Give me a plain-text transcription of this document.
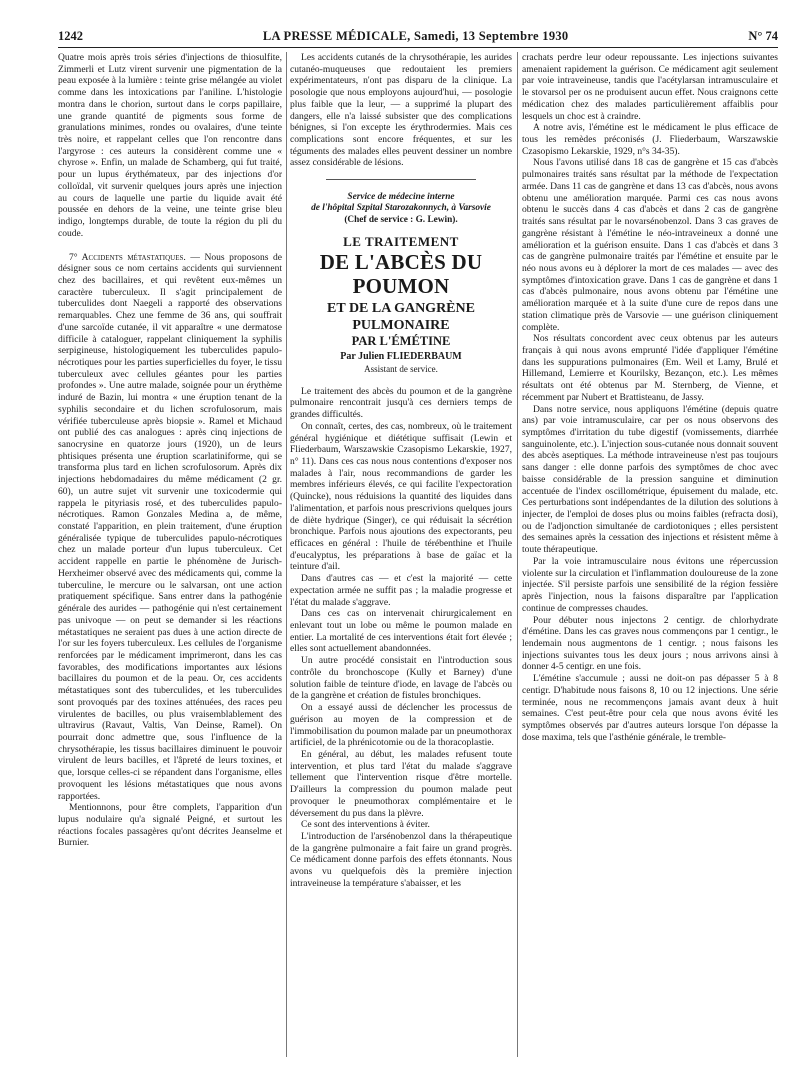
1242	LA PRESSE MÉDICALE, Samedi, 13 Septembre 1930	N° 74

Quatre mois après trois séries d'injections de thiosulfite, Zimmerli et Lutz virent survenir une pigmentation de la peau exposée à la lumière : teinte grise mélangée au violet comme dans les intoxications par l'aniline. L'histologie montra dans le chorion, surtout dans le corps papillaire, une grande quantité de pigments sous forme de granulations minimes, rondes ou ovalaires, d'une teinte très noire, et rappelant celles que l'on rencontre dans l'argyrose : ces auteurs la considèrent comme une « chyrose ». Enfin, un malade de Schamberg, qui fut traité, pour un lupus érythémateux, par des injections d'or colloïdal, vit survenir quelques jours après une injection au cours de laquelle une partie du liquide avait été poussée en dehors de la veine, une teinte grise bleu indigo, longtemps durable, de toute la région du pli du coude.

7° Accidents métastatiques. — Nous proposons de désigner sous ce nom certains accidents qui surviennent chez des bacillaires, et qui revêtent eux-mêmes un caractère tuberculeux. Il s'agit principalement de tuberculides dont Naegeli a rapporté des observations remarquables. Chez une femme de 36 ans, qui souffrait d'une sarcoïde cutanée, il vit apparaître « une dermatose difficile à cataloguer, rappelant cliniquement la syphilis serpigineuse, histologiquement les tuberculides papulo-nécrotiques pour les parties superficielles du foyer, le tissu tuberculeux avec cellules géantes pour les parties profondes ». Une autre malade, soignée pour un érythème induré de Bazin, lui montra « une éruption tenant de la syphilis secondaire et du lichen scrofulosorum, mais vérifiée tuberculeuse après biopsie ». Ramel et Michaud ont publié des cas analogues : après cinq injections de sanocrysine en quatorze jours (1920), un de leurs phtisiques présenta une éruption scarlatiniforme, qui se transforma plus tard en lichen scrofulosorum. Après dix injections hebdomadaires du même médicament (2 gr. 60), un autre sujet vit survenir une toxicodermie qui rappela le pityriasis rosé, et des tuberculides papulo-nécrotiques. Ramon Gonzales Medina a, de même, constaté l'apparition, en plein traitement, d'une éruption généralisée typique de tuberculides papulo-nécrotiques chez un malade porteur d'un lupus tuberculeux. Cet accident rappelle en partie le phénomène de Jurisch-Herxheimer observé avec des médicaments qui, comme la tuberculine, le mercure ou le salvarsan, ont une action pratiquement spécifique. Sans entrer dans la pathogénie générale des aurides — pathogénie qui n'est certainement pas univoque — on peut se demander si les réactions métastatiques ne seraient pas dues à une action directe de l'or sur les foyers tuberculeux. Les cellules de l'organisme renforcées par le médicament imprimeront, dans les cas favorables, des modifications importantes aux lésions bacillaires du poumon et de la peau. Or, ces accidents métastatiques sont des tuberculides, et les tuberculides sont provoqués par des toxines atténuées, des races peu virulentes de bacilles, ou plus vraisemblablement des ultravirus (Ravaut, Valtis, Van Deinse, Ramel). On pourrait donc admettre que, sous l'influence de la chrysothérapie, les tissus bacillaires diminuent le pouvoir virulent de leurs bacilles, et l'âpreté de leurs toxines, et que, lorsque celles-ci se répandent dans l'organisme, elles provoquent les lésions métastatiques que nous avons rapportées.

Mentionnons, pour être complets, l'apparition d'un lupus nodulaire qu'a signalé Peigné, et surtout les réactions focales passagères qu'ont décrites Jeanselme et Burnier.

Les accidents cutanés de la chrysothérapie, les aurides cutanéo-muqueuses que redoutaient les premiers expérimentateurs, n'ont pas disparu de la clinique. La posologie que nous employons aujourd'hui, — posologie plus faible que la leur, — a supprimé la plupart des dangers, elle n'a laissé subsister que des complications bénignes, si l'on excepte les érythrodermies. Mais ces complications sont encore fréquentes, et sur les téguments des malades elles peuvent dessiner un nombre assez considérable de lésions.

Service de médecine interne
de l'hôpital Szpital Starozakonnych, à Varsovie
(Chef de service : G. Lewin).
LE TRAITEMENT
DE L'ABCÈS DU POUMON
ET DE LA GANGRÈNE PULMONAIRE
PAR L'ÉMÉTINE
Par Julien FLIEDERBAUM
Assistant de service.

Le traitement des abcès du poumon et de la gangrène pulmonaire rencontrait jusqu'à ces derniers temps de grandes difficultés.

On connaît, certes, des cas, nombreux, où le traitement général hygiénique et diététique suffisait (Lewin et Fliederbaum, Warszawskie Czasopismo Lekarskie, 1927, n° 11). Dans ces cas nous nous contentions d'exposer nos malades à l'air, nous recommandions de garder les membres inférieurs élevés, ce qui facilite l'expectoration (Quincke), nous réduisions la quantité des liquides dans l'alimentation, et parfois nous prescrivions quelques jours de diète hydrique (Singer), ce qui réduisait la sécrétion bronchique. Parfois nous ajoutions des expectorants, peu efficaces en général : l'huile de térébenthine et l'huile d'eucalyptus, les préparations à base de gaïac et la teinture d'ail.

Dans d'autres cas — et c'est la majorité — cette expectation armée ne suffit pas ; la maladie progresse et l'état du malade s'aggrave.

Dans ces cas on intervenait chirurgicalement en enlevant tout un lobe ou même le poumon malade en entier. La mortalité de ces interventions était fort élevée ; elles sont actuellement abandonnées.

Un autre procédé consistait en l'introduction sous contrôle du bronchoscope (Kully et Barney) d'une solution faible de teinture d'iode, en lavage de l'abcès ou de la gangrène et création de fistules bronchiques.

On a essayé aussi de déclencher les processus de guérison au moyen de la compression et de l'immobilisation du poumon malade par un pneumothorax artificiel, de la phrénicotomie ou de la thoracoplastie.

En général, au début, les malades refusent toute intervention, et plus tard l'état du malade s'aggrave tellement que l'intervention risque d'être mortelle. D'ailleurs la compression du poumon malade peut provoquer le pneumothorax complémentaire et le déversement du pus dans la plèvre.

Ce sont des interventions à éviter.

L'introduction de l'arsénobenzol dans la thérapeutique de la gangrène pulmonaire a fait faire un grand progrès. Ce médicament donne parfois des effets étonnants. Nous avons vu quelquefois dès la première injection intraveineuse la température s'abaisser, et les

crachats perdre leur odeur repoussante. Les injections suivantes amenaient rapidement la guérison. Ce médicament agit seulement par voie intraveineuse, tandis que l'acétylarsan intramusculaire et le stovarsol per os ne produisent aucun effet. Nous craignons cette médication chez des malades particulièrement affaiblis pour lesquels un choc est à craindre.

A notre avis, l'émétine est le médicament le plus efficace de tous les remèdes préconisés (J. Fliederbaum, Warszawskie Czasopismo Lekarskie, 1929, n°s 34-35).

Nous l'avons utilisé dans 18 cas de gangrène et 15 cas d'abcès pulmonaires traités sans résultat par la méthode de l'expectation armée. Dans 11 cas de gangrène et dans 13 cas d'abcès, nous avons obtenu une amélioration marquée. Parmi ces cas nous avons obtenu le succès dans 4 cas d'abcès et dans 2 cas de gangrène traités sans résultat par le novarsénobenzol. Dans 3 cas graves de gangrène résistant à l'émétine le néo-intraveineux a donné une amélioration et la guérison ensuite. Dans 1 cas d'abcès et dans 3 cas de gangrène pulmonaire traités par l'émétine et ensuite par le néo nous avons eu à déplorer la mort de ces malades — avec des symptômes d'intoxication grave. Dans 1 cas de gangrène et dans 1 cas d'abcès pulmonaire, nous avons obtenu par l'émétine une amélioration marquée et à la suite d'une cure de repos dans une station climatique près de Varsovie — une guérison cliniquement complète.

Nos résultats concordent avec ceux obtenus par les auteurs français à qui nous avons emprunté l'idée d'appliquer l'émétine dans les suppurations pulmonaires (Em. Weil et Lamy, Brulé et Hillemand, Lemierre et Kourilsky, Bezançon, etc.). Les mêmes résultats ont été obtenus par M. Sternberg, de Vienne, et récemment par Nubert et Brattisteanu, de Jassy.

Dans notre service, nous appliquons l'émétine (depuis quatre ans) par voie intramusculaire, car per os nous observons des symptômes d'irritation du tube digestif (vomissements, diarrhée sanguinolente, etc.). L'injection sous-cutanée nous donnait souvent des abcès aseptiques. La méthode intraveineuse n'est pas toujours sans danger : elle donne parfois des symptômes de choc avec baisse considérable de la pression sanguine et diminution accentuée de l'index oscillométrique, épuisement du malade, etc. Ces perturbations sont indépendantes de la dilution des solutions à injecter, de l'emploi de doses plus ou moins faibles (refracta dosi), ou de l'adjonction simultanée de cardiotoniques ; elles persistent des semaines après la cessation des injections et résistent même à toute thérapeutique.

Par la voie intramusculaire nous évitons une répercussion violente sur la circulation et l'inflammation douloureuse de la zone injectée. S'il persiste parfois une sensibilité de la région fessière après l'injection, nous la faisons disparaître par l'application continue de compresses chaudes.

Pour débuter nous injectons 2 centigr. de chlorhydrate d'émétine. Dans les cas graves nous commençons par 1 centigr., le lendemain nous augmentons de 1 centigr. ; nous faisons les injections suivantes tous les deux jours ; nous arrivons ainsi à donner 4-5 centigr. en une fois.

L'émétine s'accumule ; aussi ne doit-on pas dépasser 5 à 8 centigr. D'habitude nous faisons 8, 10 ou 12 injections. Une série terminée, nous ne recommençons jamais avant deux à huit semaines. C'est peut-être pour cela que nous avons évité les symptômes observés par d'autres auteurs lorsque l'on dépasse la dose maxima, tels que l'asthénie générale, le tremble-
